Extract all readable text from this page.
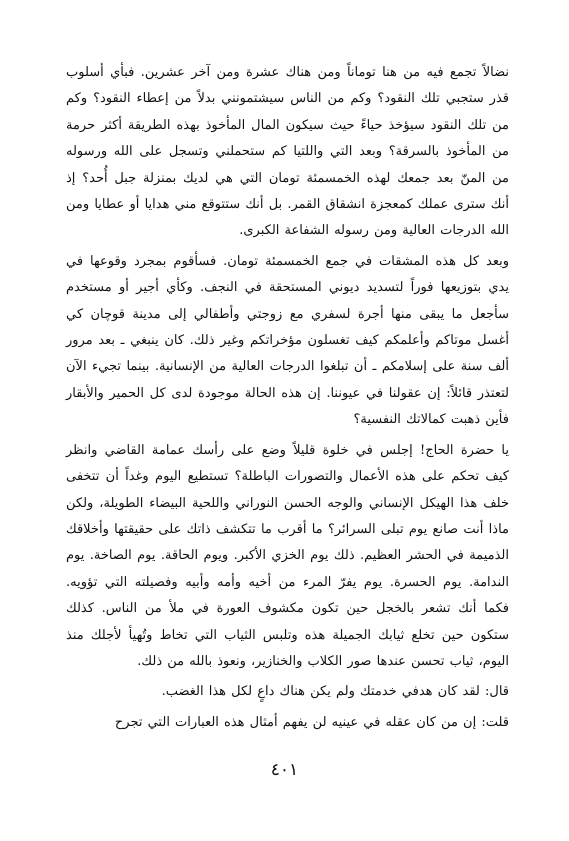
نضالاً تجمع فيه من هنا توماناً ومن هناك عشرة ومن آخر عشرين. فبأي أسلوب قذر ستجبي تلك النقود؟ وكم من الناس سيشتمونني بدلاً من إعطاء النقود؟ وكم من تلك النقود سيؤخذ حياءً حيث سيكون المال المأخوذ بهذه الطريقة أكثر حرمة من المأخوذ بالسرقة؟ وبعد التي واللتيا كم ستحملني وتسجل على الله ورسوله من المنّ بعد جمعك لهذه الخمسمئة تومان التي هي لديك بمنزلة جبل أُحد؟ إذ أنك سترى عملك كمعجزة انشقاق القمر. بل أنك ستتوقع مني هدايا أو عطايا ومن الله الدرجات العالية ومن رسوله الشفاعة الكبرى.

وبعد كل هذه المشقات في جمع الخمسمئة تومان. فسأقوم بمجرد وقوعها في يدي بتوزيعها فوراً لتسديد ديوني المستحقة في النجف. وكأي أجير أو مستخدم سأجعل ما يبقى منها أجرة لسفري مع زوجتي وأطفالي إلى مدينة قوچان كي أغسل موتاكم وأعلمكم كيف تغسلون مؤخراتكم وغير ذلك. كان ينبغي ـ بعد مرور ألف سنة على إسلامكم ـ أن تبلغوا الدرجات العالية من الإنسانية. بينما تجيء الآن لتعتذر قائلاً: إن عقولنا في عيوننا. إن هذه الحالة موجودة لدى كل الحمير والأبقار فأين ذهبت كمالاتك النفسية؟

يا حضرة الحاج! إجلس في خلوة قليلاً وضع على رأسك عمامة القاضي وانظر كيف تحكم على هذه الأعمال والتصورات الباطلة؟ تستطيع اليوم وغداً أن تتخفى خلف هذا الهيكل الإنساني والوجه الحسن النوراني واللحية البيضاء الطويلة، ولكن ماذا أنت صانع يوم تبلى السرائر؟ ما أقرب ما تتكشف ذاتك على حقيقتها وأخلاقك الذميمة في الحشر العظيم. ذلك يوم الخزي الأكبر. ويوم الحاقة. يوم الصاخة. يوم الندامة. يوم الحسرة. يوم يفرّ المرء من أخيه وأمه وأبيه وفصيلته التي تؤويه. فكما أنك تشعر بالخجل حين تكون مكشوف العورة في ملأ من الناس. كذلك ستكون حين تخلع ثيابك الجميلة هذه وتلبس الثياب التي تخاط وتُهيأ لأجلك منذ اليوم، ثياب تحسن عندها صور الكلاب والخنازير، ونعوذ بالله من ذلك.

قال: لقد كان هدفي خدمتك ولم يكن هناك داعٍ لكل هذا الغضب.

قلت: إن من كان عقله في عينيه لن يفهم أمثال هذه العبارات التي تجرح

٤٠١
